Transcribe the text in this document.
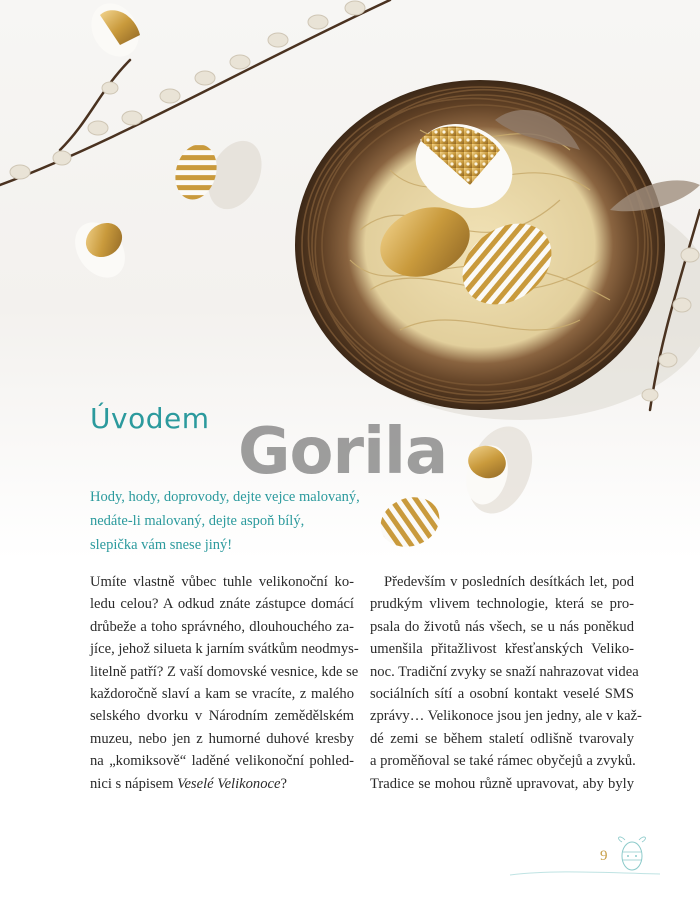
Úvodem Gorila
Hody, hody, doprovody, dejte vejce malovaný,
nedáte-li malovaný, dejte aspoň bílý,
slepička vám snese jiný!
Umíte vlastně vůbec tuhle velikonoční ko-
ledu celou? A odkud znáte zástupce domácí
drůbeže a toho správného, dlouhouchého za-
jíce, jehož silueta k jarním svátkům neodmys-
litelně patří? Z vaší domovské vesnice, kde se
každoročně slaví a kam se vracíte, z malého
selského dvorku v Národním zemědělském
muzeu, nebo jen z humorné duhové kresby
na „komiksově“ laděné velikonoční pohled-
nici s nápisem Veselé Velikonoce?
Především v posledních desítkách let, pod
prudkým vlivem technologie, která se pro-
psala do životů nás všech, se u nás poněkud
umenšila přitažlivost křesťanských Veliko-
noc. Tradiční zvyky se snaží nahrazovat videa
sociálních sítí a osobní kontakt veselé SMS
zprávy… Velikonoce jsou jen jedny, ale v kaž-
dé zemi se během staletí odlišně tvarovaly
a proměňoval se také rámec obyčejů a zvyků.
Tradice se mohou různě upravovat, aby byly
9
